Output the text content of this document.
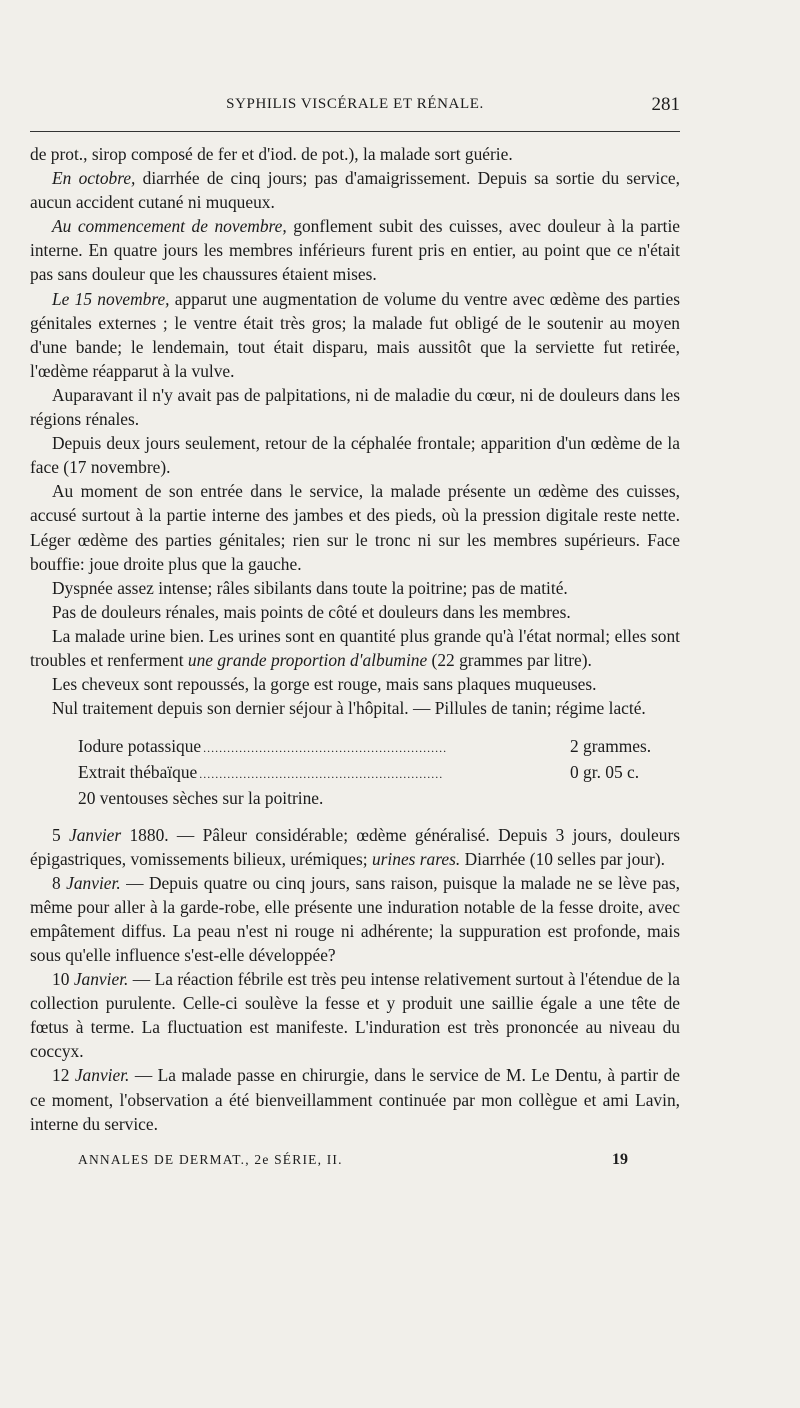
SYPHILIS VISCÉRALE ET RÉNALE.	281

de prot., sirop composé de fer et d'iod. de pot.), la malade sort guérie.

En octobre, diarrhée de cinq jours; pas d'amaigrissement. Depuis sa sortie du service, aucun accident cutané ni muqueux.

Au commencement de novembre, gonflement subit des cuisses, avec douleur à la partie interne. En quatre jours les membres inférieurs furent pris en entier, au point que ce n'était pas sans douleur que les chaussures étaient mises.

Le 15 novembre, apparut une augmentation de volume du ventre avec œdème des parties génitales externes ; le ventre était très gros; la malade fut obligé de le soutenir au moyen d'une bande; le lendemain, tout était disparu, mais aussitôt que la serviette fut retirée, l'œdème réapparut à la vulve.

Auparavant il n'y avait pas de palpitations, ni de maladie du cœur, ni de douleurs dans les régions rénales.

Depuis deux jours seulement, retour de la céphalée frontale; apparition d'un œdème de la face (17 novembre).

Au moment de son entrée dans le service, la malade présente un œdème des cuisses, accusé surtout à la partie interne des jambes et des pieds, où la pression digitale reste nette. Léger œdème des parties génitales; rien sur le tronc ni sur les membres supérieurs. Face bouffie: joue droite plus que la gauche.

Dyspnée assez intense; râles sibilants dans toute la poitrine; pas de matité.

Pas de douleurs rénales, mais points de côté et douleurs dans les membres.

La malade urine bien. Les urines sont en quantité plus grande qu'à l'état normal; elles sont troubles et renferment une grande proportion d'albumine (22 grammes par litre).

Les cheveux sont repoussés, la gorge est rouge, mais sans plaques muqueuses.

Nul traitement depuis son dernier séjour à l'hôpital. — Pillules de tanin; régime lacté.

Iodure potassique . . .	2 grammes.
Extrait thébaïque . . .	0 gr. 05 c.
20 ventouses sèches sur la poitrine.

5 Janvier 1880. — Pâleur considérable; œdème généralisé. Depuis 3 jours, douleurs épigastriques, vomissements bilieux, urémiques; urines rares. Diarrhée (10 selles par jour).

8 Janvier. — Depuis quatre ou cinq jours, sans raison, puisque la malade ne se lève pas, même pour aller à la garde-robe, elle présente une induration notable de la fesse droite, avec empâtement diffus. La peau n'est ni rouge ni adhérente; la suppuration est profonde, mais sous qu'elle influence s'est-elle développée?

10 Janvier. — La réaction fébrile est très peu intense relativement surtout à l'étendue de la collection purulente. Celle-ci soulève la fesse et y produit une saillie égale a une tête de fœtus à terme. La fluctuation est manifeste. L'induration est très prononcée au niveau du coccyx.

12 Janvier. — La malade passe en chirurgie, dans le service de M. Le Dentu, à partir de ce moment, l'observation a été bienveillamment continuée par mon collègue et ami Lavin, interne du service.

ANNALES DE DERMAT., 2e SÉRIE, II.	19
